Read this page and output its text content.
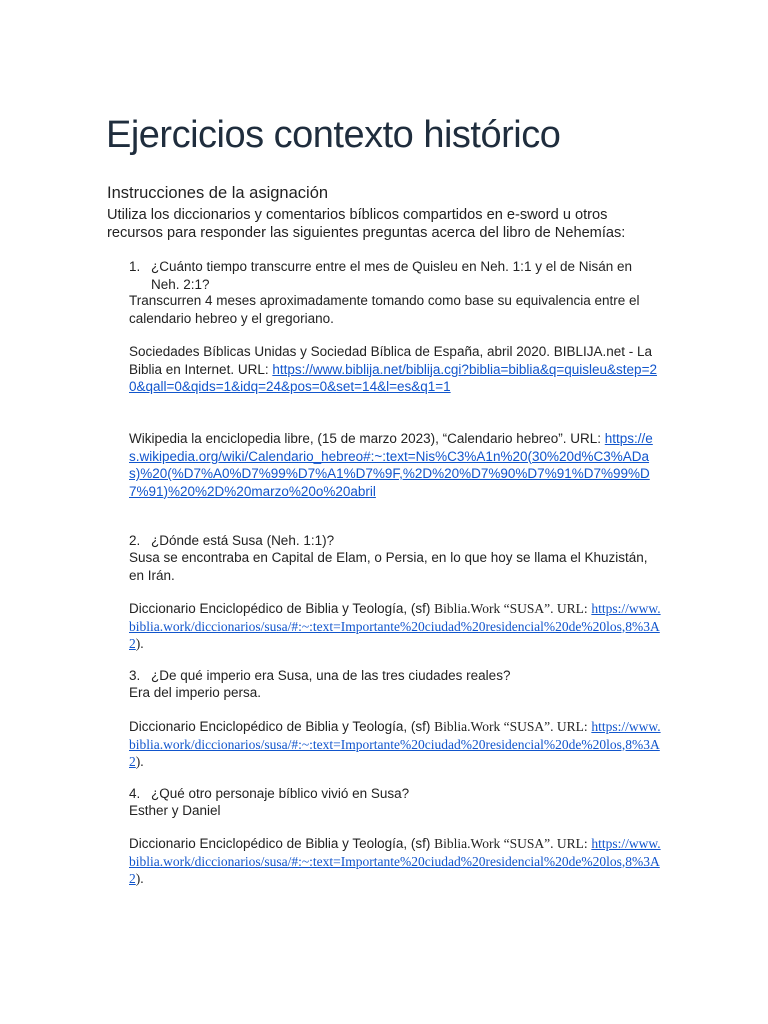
Ejercicios contexto histórico
Instrucciones de la asignación

Utiliza los diccionarios y comentarios bíblicos compartidos en e-sword u otros recursos para responder las siguientes preguntas acerca del libro de Nehemías:

1. ¿Cuánto tiempo transcurre entre el mes de Quisleu en Neh. 1:1 y el de Nisán en Neh. 2:1?

Transcurren 4 meses aproximadamente tomando como base su equivalencia entre el calendario hebreo y el gregoriano.

Sociedades Bíblicas Unidas y Sociedad Bíblica de España, abril 2020. BIBLIJA.net - La Biblia en Internet. URL: https://www.biblija.net/biblija.cgi?biblia=biblia&q=quisleu&step=20&qall=0&qids=1&idq=24&pos=0&set=14&l=es&q1=1

Wikipedia la enciclopedia libre, (15 de marzo 2023), “Calendario hebreo”. URL: https://es.wikipedia.org/wiki/Calendario_hebreo#:~:text=Nis%C3%A1n%20(30%20d%C3%ADas)%20(%D7%A0%D7%99%D7%A1%D7%9F,%2D%20%D7%90%D7%91%D7%99%D7%91)%20%2D%20marzo%20o%20abril

2. ¿Dónde está Susa (Neh. 1:1)?

Susa se encontraba en Capital de Elam, o Persia, en lo que hoy se llama el Khuzistán, en Irán.

Diccionario Enciclopédico de Biblia y Teología, (sf) Biblia.Work “SUSA”. URL: https://www.biblia.work/diccionarios/susa/#:~:text=Importante%20ciudad%20residencial%20de%20los,8%3A2).

3. ¿De qué imperio era Susa, una de las tres ciudades reales?

Era del imperio persa.

Diccionario Enciclopédico de Biblia y Teología, (sf) Biblia.Work “SUSA”. URL: https://www.biblia.work/diccionarios/susa/#:~:text=Importante%20ciudad%20residencial%20de%20los,8%3A2).

4. ¿Qué otro personaje bíblico vivió en Susa?

Esther y Daniel

Diccionario Enciclopédico de Biblia y Teología, (sf) Biblia.Work “SUSA”. URL: https://www.biblia.work/diccionarios/susa/#:~:text=Importante%20ciudad%20residencial%20de%20los,8%3A2).
